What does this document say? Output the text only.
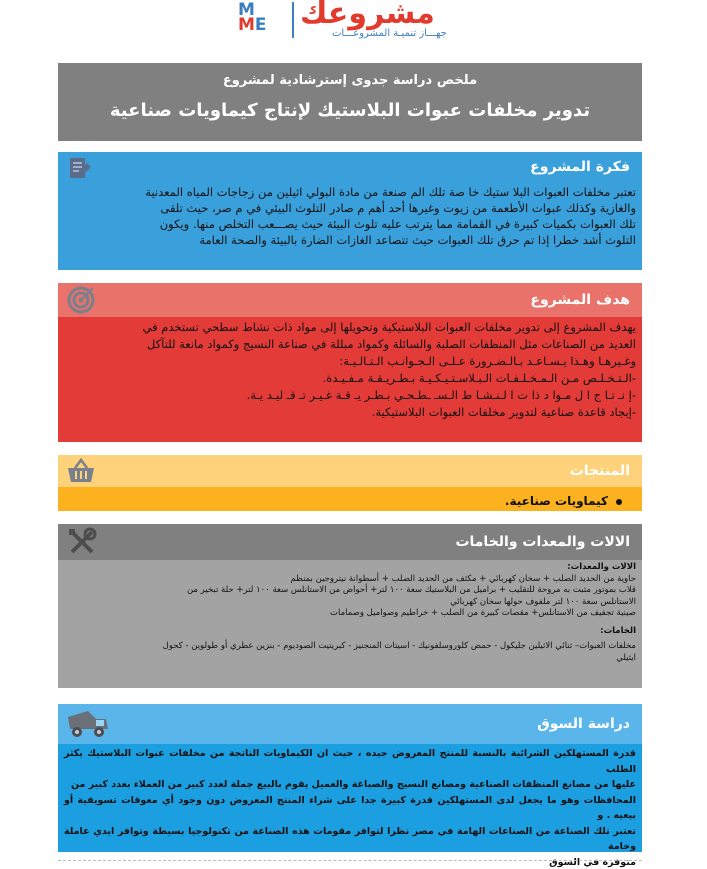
M
ME مشروعك
جهـــاز تنميـة المشروعـــات
ملخص دراسة جدوى إسترشادية لمشروع
تدوير مخلفات عبوات البلاستيك لإنتاج كيماويات صناعية
فكرة المشروع
تعتبر مخلفات العبوات البلا ستيك خا صة تلك الم صنعة من مادة البولي اثيلين من زجاجات المياه المعدنية
والغازية وكذلك عبوات الأطعمة من زيوت وغيرها أحد أهم م صادر التلوث البيئي في م صر، حيث تلقى
تلك العبوات بكميات كبيرة في القمامة مما يترتب عليه تلوث البيئة حيث يصـــعب التخلص منها. ويكون
التلوث أشد خطرا إذا تم حرق تلك العبوات حيث تتصاعد الغازات الضارة بالبيئة والصحة العامة
هدف المشروع
يهدف المشروع إلى تدوير مخلفات العبوات البلاستيكية وتحويلها إلى مواد ذات نشاط سطحي تستخدم في
العديد من الصناعات مثل المنظفات الصلبة والسائلة وكمواد مبللة في صناعة النسيج وكمواد مانعة للتآكل
وغـيرهـا وهـذا يـسـاعـد بـالـضـرورة عـلـى الـجـوانـب الـتـالـيـة:
-الـتـخـلـص مـن الـمـخـلـفـات الـبـلاسـتـيـكـيـة بـطـريـقـة مـفـيـدة.
-إ نـ تـا ج ا ل مـوا د ذا ت ا لـنـشـا ط الـسـ ـطـحـي بـطـر يـ قـة غـيـر تـ قـ ليـد يـة.
-إيجاد قاعدة صناعية لتدوير مخلفات العبوات البلاستيكية.
المنتجات
كيماويات صناعية.
الالات والمعدات والخامات
الالات والمعدات:
حاوية من الحديد الصلب + سخان كهربائي + مكثف من الحديد الصلب + أسطوانة نيتروجين بمنظم
قلاب بموتور مثبت به مروحة للتقليب + براميل من البلاستيك سعة ١٠٠ لتر+ أحواض من الاستانلس سعة ١٠٠ لتر+ حلة تبخير من
الاستانلس سعة ١٠٠ لتر ملفوف حولها سخان كهربائي
صينية تجفيف من الاستانلس+ مقصات كبيرة من الصلب + خراطيم وصواميل وصمامات
الخامات:
مخلفات العبوات– ثنائي الاثيلين جليكول - حمض كلوروسلفونيك - اسيتات المنجنيز - كبريتيت الصوديوم - بنزين عطري أو طولوين - كحول
ايثيلي
دراسة السوق
قدرة المستهلكين الشرائية بالنسبة للمنتج المعروض جيده ، حيث ان الكيماويات الناتجة من مخلفات عبوات البلاستيك يكثر الطلب
عليها من مصانع المنظفات الصناعية ومصانع النسيج والصباغة والعميل يقوم بالبيع جملة لعدد كبير من العملاء بعدد كبير من
المحافظات وهو ما يجعل لدى المستهلكين قدرة كبيرة جدا على شراء المنتج المعروض دون وجود أي معوقات تسويقية أو بيعيه . و
تعتبر تلك الصناعة من الصناعات الهامة في مصر نظرا لتوافر مقومات هذه الصناعة من تكنولوجيا بسيطة وتوافر ايدي عاملة وخامة
متوفرة في السوق
